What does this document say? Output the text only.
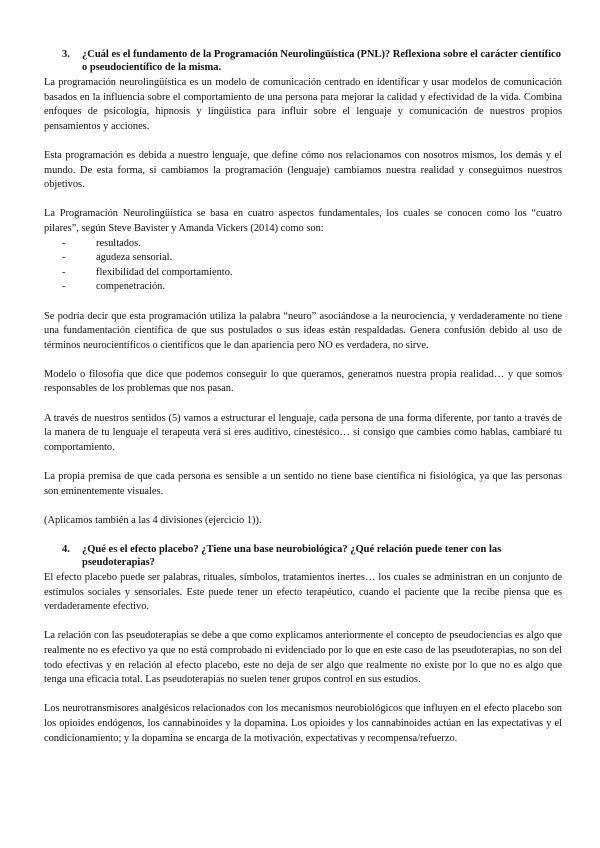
3.	¿Cuál es el fundamento de la Programación Neurolingüística (PNL)? Reflexiona sobre el carácter científico o pseudocientífico de la misma.

La programación neurolingüística es un modelo de comunicación centrado en identificar y usar modelos de comunicación basados en la influencia sobre el comportamiento de una persona para mejorar la calidad y efectividad de la vida. Combina enfoques de psicología, hipnosis y lingüística para influir sobre el lenguaje y comunicación de nuestros propios pensamientos y acciones.

Esta programación es debida a nuestro lenguaje, que define cómo nos relacionamos con nosotros mismos, los demás y el mundo. De esta forma, si cambiamos la programación (lenguaje) cambiamos nuestra realidad y conseguimos nuestros objetivos.

La Programación Neurolingüística se basa en cuatro aspectos fundamentales, los cuales se conocen como los “cuatro pilares”, según Steve Bavister y Amanda Vickers (2014) como son:

-	resultados.
-	agudeza sensorial.
-	flexibilidad del comportamiento.
-	compenetración.

Se podría decir que esta programación utiliza la palabra “neuro” asociándose a la neurociencia, y verdaderamente no tiene una fundamentación científica de que sus postulados o sus ideas están respaldadas. Genera confusión debido al uso de términos neurocientíficos o científicos que le dan apariencia pero NO es verdadera, no sirve.

Modelo o filosofía que dice que podemos conseguir lo que queramos, generamos nuestra propia realidad… y que somos responsables de los problemas que nos pasan.

A través de nuestros sentidos (5) vamos a estructurar el lenguaje, cada persona de una forma diferente, por tanto a través de la manera de tu lenguaje el terapeuta verá si eres auditivo, cinestésico… si consigo que cambies como hablas, cambiaré tu comportamiento.

La propia premisa de que cada persona es sensible a un sentido no tiene base científica ni fisiológica, ya que las personas son eminentemente visuales.

(Aplicamos también a las 4 divisiones (ejercicio 1)).

4.	¿Qué es el efecto placebo? ¿Tiene una base neurobiológica? ¿Qué relación puede tener con las pseudoterapias?

El efecto placebo puede ser palabras, rituales, símbolos, tratamientos inertes… los cuales se administran en un conjunto de estímulos sociales y sensoriales. Este puede tener un efecto terapéutico, cuando el paciente que la recibe piensa que es verdaderamente efectivo.

La relación con las pseudoterapias se debe a que como explicamos anteriormente el concepto de pseudociencias es algo que realmente no es efectivo ya que no está comprobado ni evidenciado por lo que en este caso de las pseudoterapias, no son del todo efectivas y en relación al efecto placebo, este no deja de ser algo que realmente no existe por lo que no es algo que tenga una eficacia total. Las pseudoterapias no suelen tener grupos control en sus estudios.

Los neurotransmisores analgésicos relacionados con los mecanismos neurobiológicos que influyen en el efecto placebo son los opioides endógenos, los cannabinoides y la dopamina. Los opioides y los cannabinoides actúan en las expectativas y el condicionamiento; y la dopamina se encarga de la motivación, expectativas y recompensa/refuerzo.
